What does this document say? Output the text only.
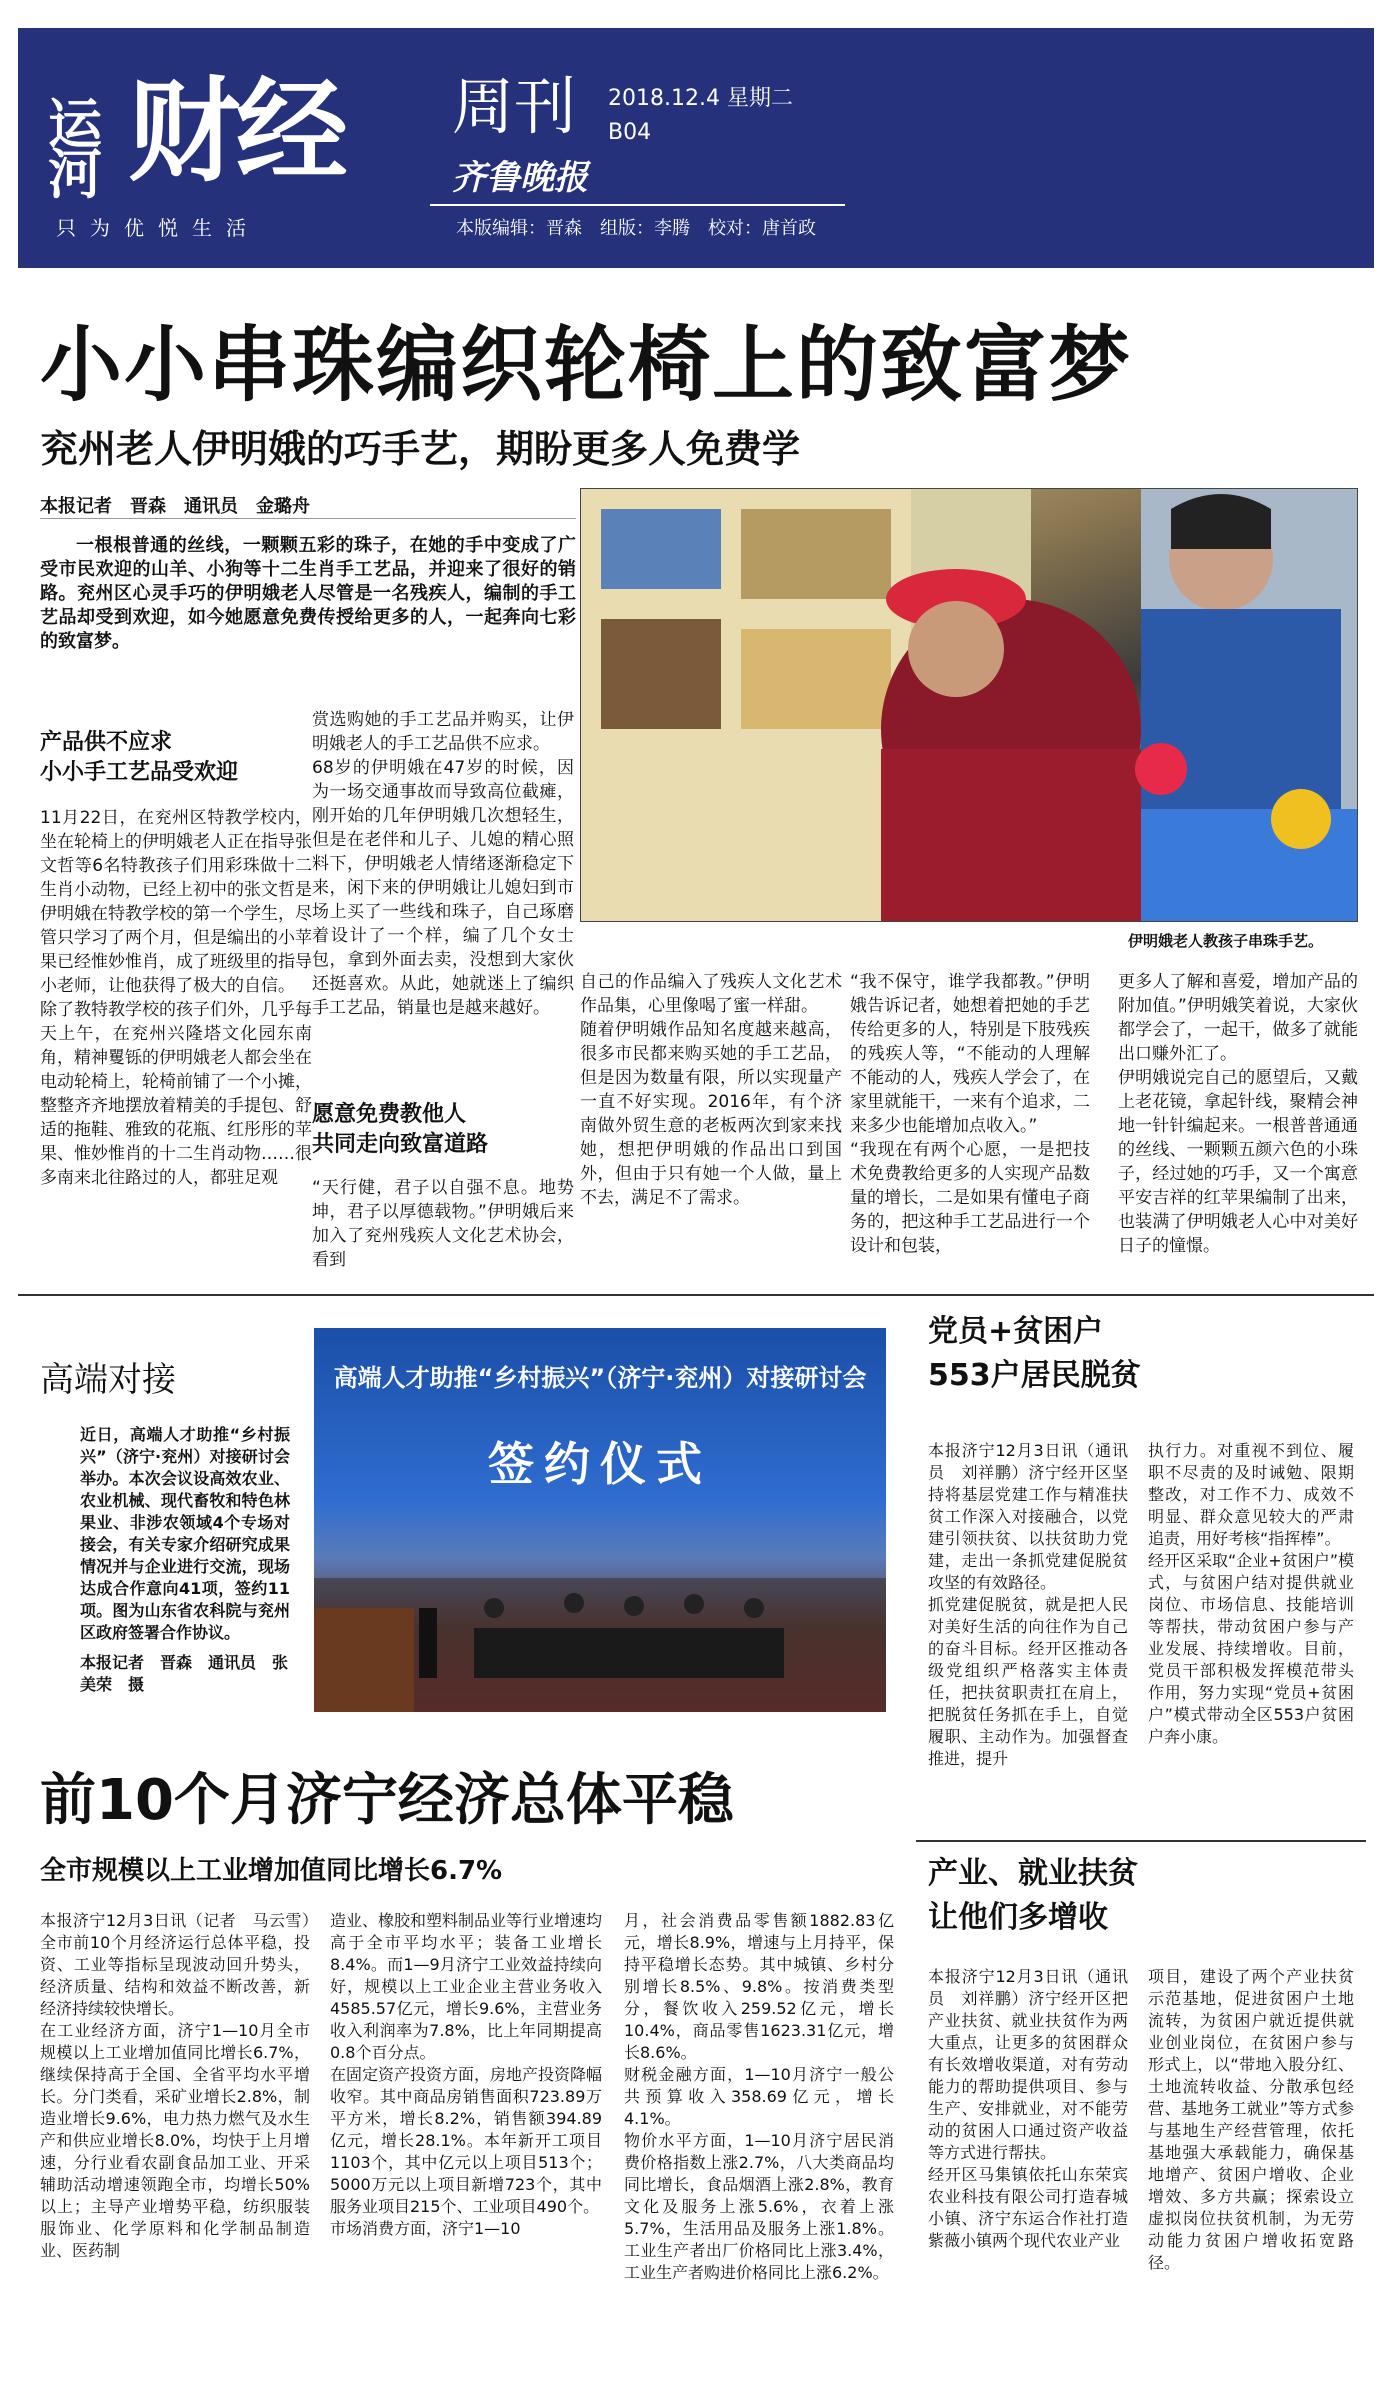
运河 财经 周刊 2018.12.4 星期二
B04
齐鲁晚报
只为优悦生活	本版编辑：晋森　组版：李腾　校对：唐首政
小小串珠编织轮椅上的致富梦
兖州老人伊明娥的巧手艺，期盼更多人免费学
本报记者　晋森　通讯员　金璐舟
一根根普通的丝线，一颗颗五彩的珠子，在她的手中变成了广受市民欢迎的山羊、小狗等十二生肖手工艺品，并迎来了很好的销路。兖州区心灵手巧的伊明娥老人尽管是一名残疾人，编制的手工艺品却受到欢迎，如今她愿意免费传授给更多的人，一起奔向七彩的致富梦。
伊明娥老人教孩子串珠手艺。
产品供不应求
小小手工艺品受欢迎
11月22日，在兖州区特教学校内，坐在轮椅上的伊明娥老人正在指导张文哲等6名特教孩子们用彩珠做十二生肖小动物，已经上初中的张文哲是伊明娥在特教学校的第一个学生，尽管只学习了两个月，但是编出的小苹果已经惟妙惟肖，成了班级里的指导小老师，让他获得了极大的自信。
除了教特教学校的孩子们外，几乎每天上午，在兖州兴隆塔文化园东南角，精神矍铄的伊明娥老人都会坐在电动轮椅上，轮椅前铺了一个小摊，整整齐齐地摆放着精美的手提包、舒适的拖鞋、雅致的花瓶、红彤彤的苹果、惟妙惟肖的十二生肖动物……很多南来北往路过的人，都驻足观
赏选购她的手工艺品并购买，让伊明娥老人的手工艺品供不应求。
68岁的伊明娥在47岁的时候，因为一场交通事故而导致高位截瘫，刚开始的几年伊明娥几次想轻生，但是在老伴和儿子、儿媳的精心照料下，伊明娥老人情绪逐渐稳定下来，闲下来的伊明娥让儿媳妇到市场上买了一些线和珠子，自己琢磨着设计了一个样，编了几个女士包，拿到外面去卖，没想到大家伙还挺喜欢。从此，她就迷上了编织手工艺品，销量也是越来越好。
愿意免费教他人
共同走向致富道路
“天行健，君子以自强不息。地势坤，君子以厚德载物。”伊明娥后来加入了兖州残疾人文化艺术协会，看到
自己的作品编入了残疾人文化艺术作品集，心里像喝了蜜一样甜。
随着伊明娥作品知名度越来越高，很多市民都来购买她的手工艺品，但是因为数量有限，所以实现量产一直不好实现。2016年，有个济南做外贸生意的老板两次到家来找她，想把伊明娥的作品出口到国外，但由于只有她一个人做，量上不去，满足不了需求。
“我不保守，谁学我都教。”伊明娥告诉记者，她想着把她的手艺传给更多的人，特别是下肢残疾的残疾人等，“不能动的人理解不能动的人，残疾人学会了，在家里就能干，一来有个追求，二来多少也能增加点收入。”
“我现在有两个心愿，一是把技术免费教给更多的人实现产品数量的增长，二是如果有懂电子商务的，把这种手工艺品进行一个设计和包装，
更多人了解和喜爱，增加产品的附加值。”伊明娥笑着说，大家伙都学会了，一起干，做多了就能出口赚外汇了。
伊明娥说完自己的愿望后，又戴上老花镜，拿起针线，聚精会神地一针针编起来。一根普普通通的丝线、一颗颗五颜六色的小珠子，经过她的巧手，又一个寓意平安吉祥的红苹果编制了出来，也装满了伊明娥老人心中对美好日子的憧憬。
高端对接
近日，高端人才助推“乡村振兴”（济宁·兖州）对接研讨会举办。本次会议设高效农业、农业机械、现代畜牧和特色林果业、非涉农领域4个专场对接会，有关专家介绍研究成果情况并与企业进行交流，现场达成合作意向41项，签约11项。图为山东省农科院与兖州区政府签署合作协议。
本报记者　晋森　通讯员　张美荣　摄
高端人才助推“乡村振兴”（济宁·兖州）对接研讨会
签约仪式
党员+贫困户
553户居民脱贫
本报济宁12月3日讯（通讯员　刘祥鹏）济宁经开区坚持将基层党建工作与精准扶贫工作深入对接融合，以党建引领扶贫、以扶贫助力党建，走出一条抓党建促脱贫攻坚的有效路径。
抓党建促脱贫，就是把人民对美好生活的向往作为自己的奋斗目标。经开区推动各级党组织严格落实主体责任，把扶贫职责扛在肩上，把脱贫任务抓在手上，自觉履职、主动作为。加强督查推进，提升
执行力。对重视不到位、履职不尽责的及时诫勉、限期整改，对工作不力、成效不明显、群众意见较大的严肃追责，用好考核“指挥棒”。
经开区采取“企业+贫困户”模式，与贫困户结对提供就业岗位、市场信息、技能培训等帮扶，带动贫困户参与产业发展、持续增收。目前，党员干部积极发挥模范带头作用，努力实现“党员+贫困户”模式带动全区553户贫困户奔小康。
前10个月济宁经济总体平稳
全市规模以上工业增加值同比增长6.7%
本报济宁12月3日讯（记者　马云雪）全市前10个月经济运行总体平稳，投资、工业等指标呈现波动回升势头，经济质量、结构和效益不断改善，新经济持续较快增长。
在工业经济方面，济宁1—10月全市规模以上工业增加值同比增长6.7%，继续保持高于全国、全省平均水平增长。分门类看，采矿业增长2.8%，制造业增长9.6%，电力热力燃气及水生产和供应业增长8.0%，均快于上月增速，分行业看农副食品加工业、开采辅助活动增速领跑全市，均增长50%以上；主导产业增势平稳，纺织服装服饰业、化学原料和化学制品制造业、医药制
造业、橡胶和塑料制品业等行业增速均高于全市平均水平；装备工业增长8.4%。而1—9月济宁工业效益持续向好，规模以上工业企业主营业务收入4585.57亿元，增长9.6%，主营业务收入利润率为7.8%，比上年同期提高0.8个百分点。
在固定资产投资方面，房地产投资降幅收窄。其中商品房销售面积723.89万平方米，增长8.2%，销售额394.89亿元，增长28.1%。本年新开工项目1103个，其中亿元以上项目513个；5000万元以上项目新增723个，其中服务业项目215个、工业项目490个。
市场消费方面，济宁1—10
月，社会消费品零售额1882.83亿元，增长8.9%，增速与上月持平，保持平稳增长态势。其中城镇、乡村分别增长8.5%、9.8%。按消费类型分，餐饮收入259.52亿元，增长10.4%，商品零售1623.31亿元，增长8.6%。
财税金融方面，1—10月济宁一般公共预算收入358.69亿元，增长4.1%。
物价水平方面，1—10月济宁居民消费价格指数上涨2.7%，八大类商品均同比增长，食品烟酒上涨2.8%，教育文化及服务上涨5.6%，衣着上涨5.7%，生活用品及服务上涨1.8%。工业生产者出厂价格同比上涨3.4%，工业生产者购进价格同比上涨6.2%。
产业、就业扶贫
让他们多增收
本报济宁12月3日讯（通讯员　刘祥鹏）济宁经开区把产业扶贫、就业扶贫作为两大重点，让更多的贫困群众有长效增收渠道，对有劳动能力的帮助提供项目、参与生产、安排就业，对不能劳动的贫困人口通过资产收益等方式进行帮扶。
经开区马集镇依托山东荣宾农业科技有限公司打造春城小镇、济宁东运合作社打造紫薇小镇两个现代农业产业
项目，建设了两个产业扶贫示范基地，促进贫困户土地流转，为贫困户就近提供就业创业岗位，在贫困户参与形式上，以“带地入股分红、土地流转收益、分散承包经营、基地务工就业”等方式参与基地生产经营管理，依托基地强大承载能力，确保基地增产、贫困户增收、企业增效、多方共赢；探索设立虚拟岗位扶贫机制，为无劳动能力贫困户增收拓宽路径。
